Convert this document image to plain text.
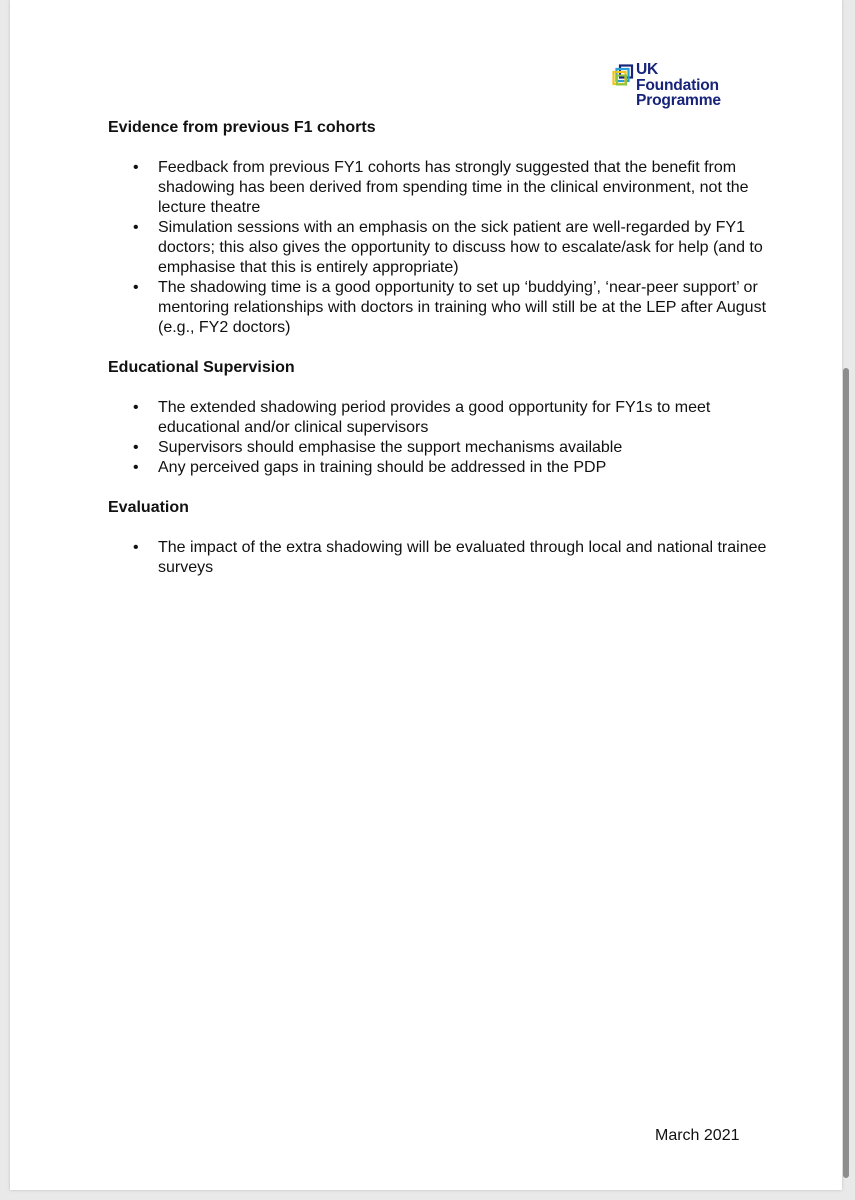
UK
Foundation
Programme
Evidence from previous F1 cohorts
• Feedback from previous FY1 cohorts has strongly suggested that the benefit from shadowing has been derived from spending time in the clinical environment, not the lecture theatre
• Simulation sessions with an emphasis on the sick patient are well-regarded by FY1 doctors; this also gives the opportunity to discuss how to escalate/ask for help (and to emphasise that this is entirely appropriate)
• The shadowing time is a good opportunity to set up ‘buddying’, ‘near-peer support’ or mentoring relationships with doctors in training who will still be at the LEP after August (e.g., FY2 doctors)
Educational Supervision
• The extended shadowing period provides a good opportunity for FY1s to meet educational and/or clinical supervisors
• Supervisors should emphasise the support mechanisms available
• Any perceived gaps in training should be addressed in the PDP
Evaluation
• The impact of the extra shadowing will be evaluated through local and national trainee surveys
March 2021
